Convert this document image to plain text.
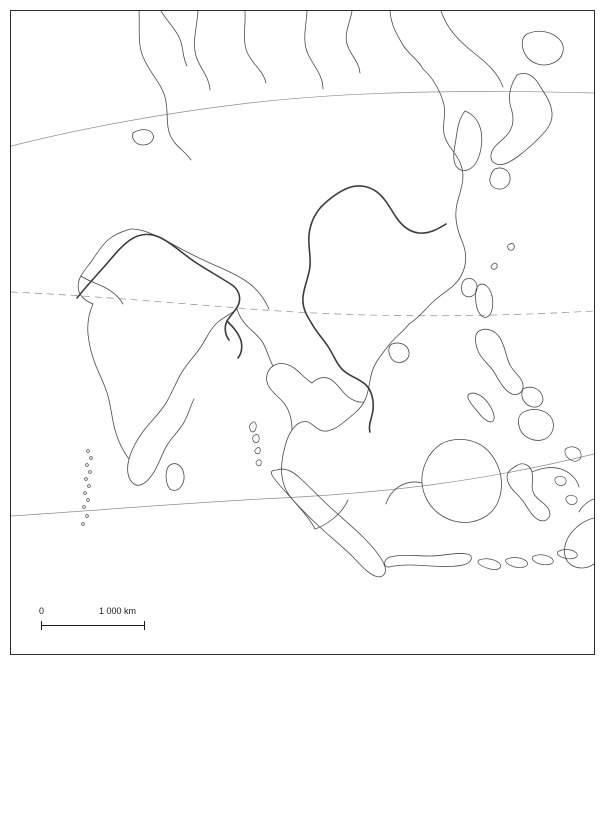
0	1 000 km
